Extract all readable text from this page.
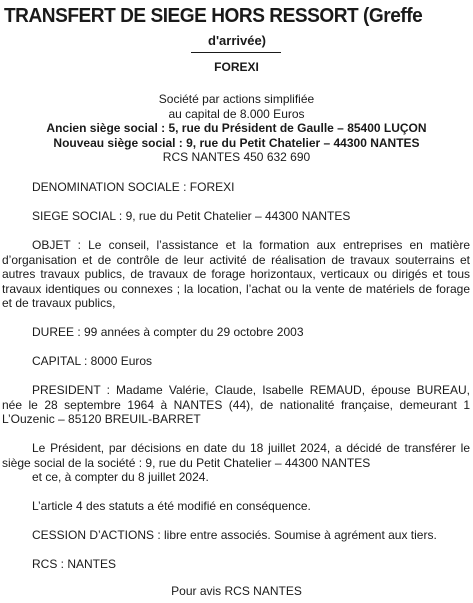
TRANSFERT DE SIEGE HORS RESSORT (Greffe
d'arrivée)
FOREXI
Société par actions simplifiée
au capital de 8.000 Euros
Ancien siège social : 5, rue du Président de Gaulle – 85400 LUÇON
Nouveau siège social : 9, rue du Petit Chatelier – 44300 NANTES
RCS NANTES 450 632 690
DENOMINATION SOCIALE : FOREXI
SIEGE SOCIAL : 9, rue du Petit Chatelier – 44300 NANTES
OBJET : Le conseil, l’assistance et la formation aux entreprises en matière d’organisation et de contrôle de leur activité de réalisation de travaux souterrains et autres travaux publics, de travaux de forage horizontaux, verticaux ou dirigés et tous travaux identiques ou connexes ; la location, l’achat ou la vente de matériels de forage et de travaux publics,
DUREE : 99 années à compter du 29 octobre 2003
CAPITAL : 8000 Euros
PRESIDENT : Madame Valérie, Claude, Isabelle REMAUD, épouse BUREAU, née le 28 septembre 1964 à NANTES (44), de nationalité française, demeurant 1 L’Ouzenic – 85120 BREUIL-BARRET
Le Président, par décisions en date du 18 juillet 2024, a décidé de transférer le siège social de la société : 9, rue du Petit Chatelier – 44300 NANTES
et ce, à compter du 8 juillet 2024.
L’article 4 des statuts a été modifié en conséquence.
CESSION D’ACTIONS : libre entre associés. Soumise à agrément aux tiers.
RCS : NANTES
Pour avis RCS NANTES
